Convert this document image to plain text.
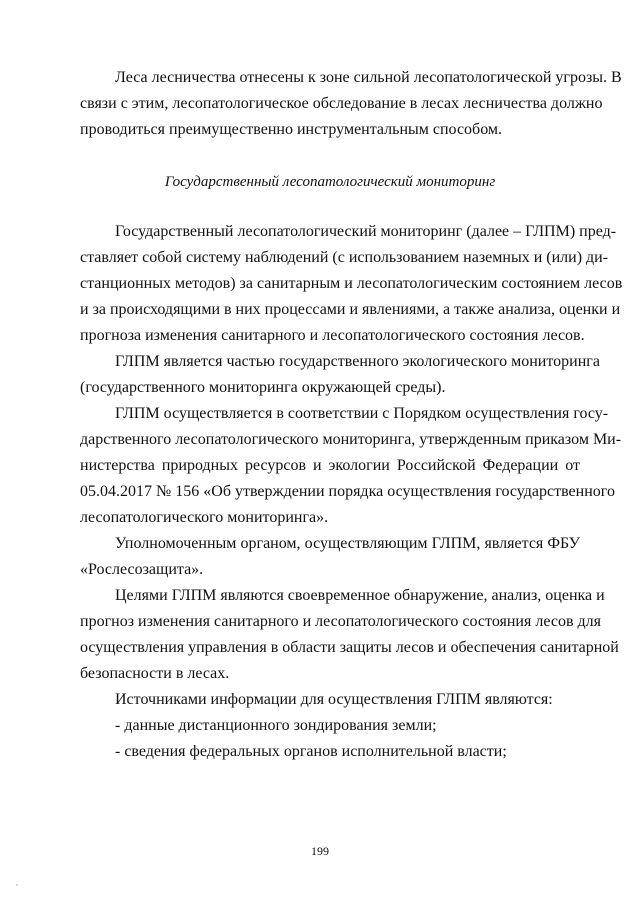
Леса лесничества отнесены к зоне сильной лесопатологической угрозы. В
связи с этим, лесопатологическое обследование в лесах лесничества должно
проводиться преимущественно инструментальным способом.
Государственный лесопатологический мониторинг
Государственный лесопатологический мониторинг (далее – ГЛПМ) пред-
ставляет собой систему наблюдений (с использованием наземных и (или) ди-
станционных методов) за санитарным и лесопатологическим состоянием лесов
и за происходящими в них процессами и явлениями, а также анализа, оценки и
прогноза изменения санитарного и лесопатологического состояния лесов.
ГЛПМ является частью государственного экологического мониторинга
(государственного мониторинга окружающей среды).
ГЛПМ осуществляется в соответствии с Порядком осуществления госу-
дарственного лесопатологического мониторинга, утвержденным приказом Ми-
нистерства природных ресурсов и экологии Российской Федерации от
05.04.2017 № 156 «Об утверждении порядка осуществления государственного
лесопатологического мониторинга».
Уполномоченным органом, осуществляющим ГЛПМ, является ФБУ
«Рослесозащита».
Целями ГЛПМ являются своевременное обнаружение, анализ, оценка и
прогноз изменения санитарного и лесопатологического состояния лесов для
осуществления управления в области защиты лесов и обеспечения санитарной
безопасности в лесах.
Источниками информации для осуществления ГЛПМ являются:
- данные дистанционного зондирования земли;
- сведения федеральных органов исполнительной власти;
199
